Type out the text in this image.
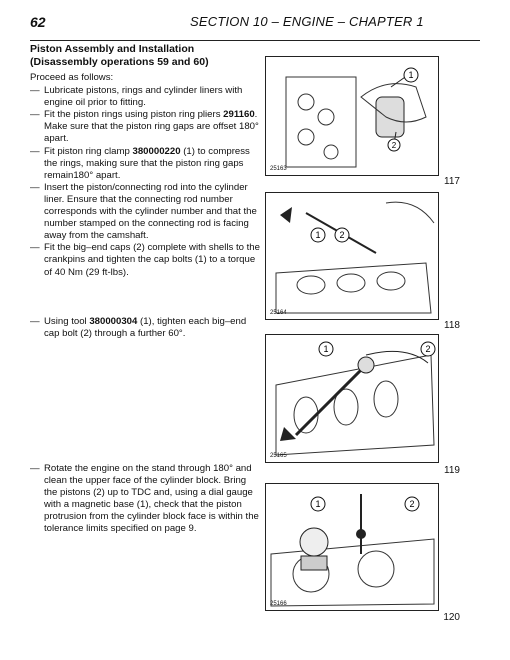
62	SECTION 10 – ENGINE – CHAPTER 1
Piston Assembly and Installation
(Disassembly operations 59 and 60)
Proceed as follows:
— Lubricate pistons, rings and cylinder liners with engine oil prior to fitting.
— Fit the piston rings using piston ring pliers 291160. Make sure that the piston ring gaps are offset 180° apart.
— Fit piston ring clamp 380000220 (1) to compress the rings, making sure that the piston ring gaps remain180° apart.
— Insert the piston/connecting rod into the cylinder liner. Ensure that the connecting rod number corresponds with the cylinder number and that the number stamped on the connecting rod is facing away from the camshaft.
— Fit the big–end caps (2) complete with shells to the crankpins and tighten the cap bolts (1) to a torque of 40 Nm (29 ft-lbs).
— Using tool 380000304 (1), tighten each big–end cap bolt (2) through a further 60°.
— Rotate the engine on the stand through 180° and clean the upper face of the cylinder block. Bring the pistons (2) up to TDC and, using a dial gauge with a magnetic base (1), check that the piston protrusion from the cylinder block face is within the tolerance limits specified on page 9.
1
2
25163
117
1 2
25164
118
1	2
25165
119
1	2
25166
120
